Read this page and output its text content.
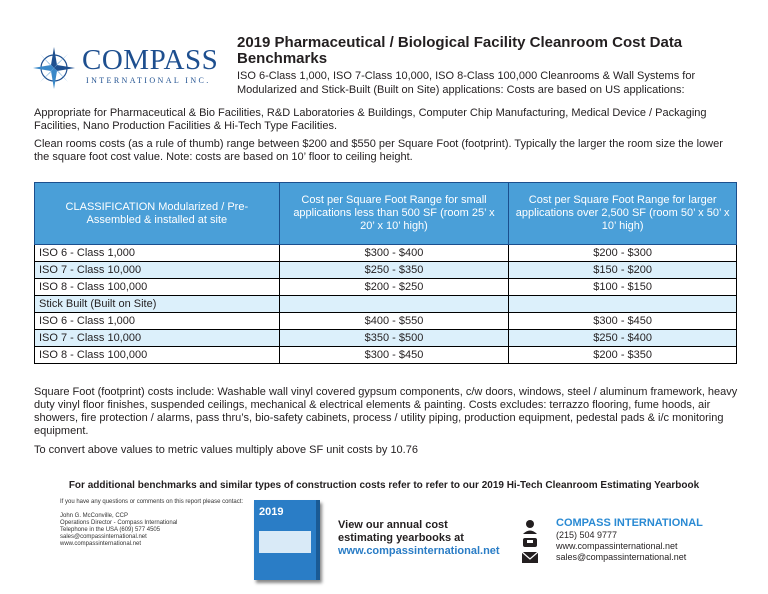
COMPASS
INTERNATIONAL INC.
2019 Pharmaceutical / Biological Facility Cleanroom Cost Data Benchmarks
ISO 6-Class 1,000, ISO 7-Class 10,000, ISO 8-Class 100,000 Cleanrooms & Wall Systems for Modularized and Stick-Built (Built on Site) applications: Costs are based on US applications:
Appropriate for Pharmaceutical & Bio Facilities, R&D Laboratories & Buildings, Computer Chip Manufacturing, Medical Device / Packaging Facilities, Nano Production Facilities & Hi-Tech Type Facilities.
Clean rooms costs (as a rule of thumb) range between $200 and $550 per Square Foot (footprint). Typically the larger the room size the lower the square foot cost value. Note: costs are based on 10’ floor to ceiling height.
CLASSIFICATION Modularized / Pre-Assembled & installed at site	Cost per Square Foot Range for small applications less than 500 SF (room 25’ x 20’ x 10’ high)	Cost per Square Foot Range for larger applications over 2,500 SF (room 50’ x 50’ x 10’ high)
ISO 6 - Class 1,000	$300 - $400	$200 - $300
ISO 7 - Class 10,000	$250 - $350	$150 - $200
ISO 8 - Class 100,000	$200 - $250	$100 - $150
Stick Built (Built on Site)		
ISO 6 - Class 1,000	$400 - $550	$300 - $450
ISO 7 - Class 10,000	$350 - $500	$250 - $400
ISO 8 - Class 100,000	$300 - $450	$200 - $350
Square Foot (footprint) costs include: Washable wall vinyl covered gypsum components, c/w doors, windows, steel / aluminum framework, heavy duty vinyl floor finishes, suspended ceilings, mechanical & electrical elements & painting. Costs excludes: terrazzo flooring, fume hoods, air showers, fire protection / alarms, pass thru’s, bio-safety cabinets, process / utility piping, production equipment, pedestal pads & i/c monitoring equipment.
To convert above values to metric values multiply above SF unit costs by 10.76
For additional benchmarks and similar types of construction costs refer to refer to our 2019 Hi-Tech Cleanroom Estimating Yearbook
If you have any questions or comments on this report please contact:
John G. McConville, CCP
Operations Director - Compass International
Telephone in the USA (609) 577 4505
sales@compassinternational.net
www.compassinternational.net
2019

View our annual cost
estimating yearbooks at
www.compassinternational.net
COMPASS INTERNATIONAL
(215) 504 9777
www.compassinternational.net
sales@compassinternational.net
